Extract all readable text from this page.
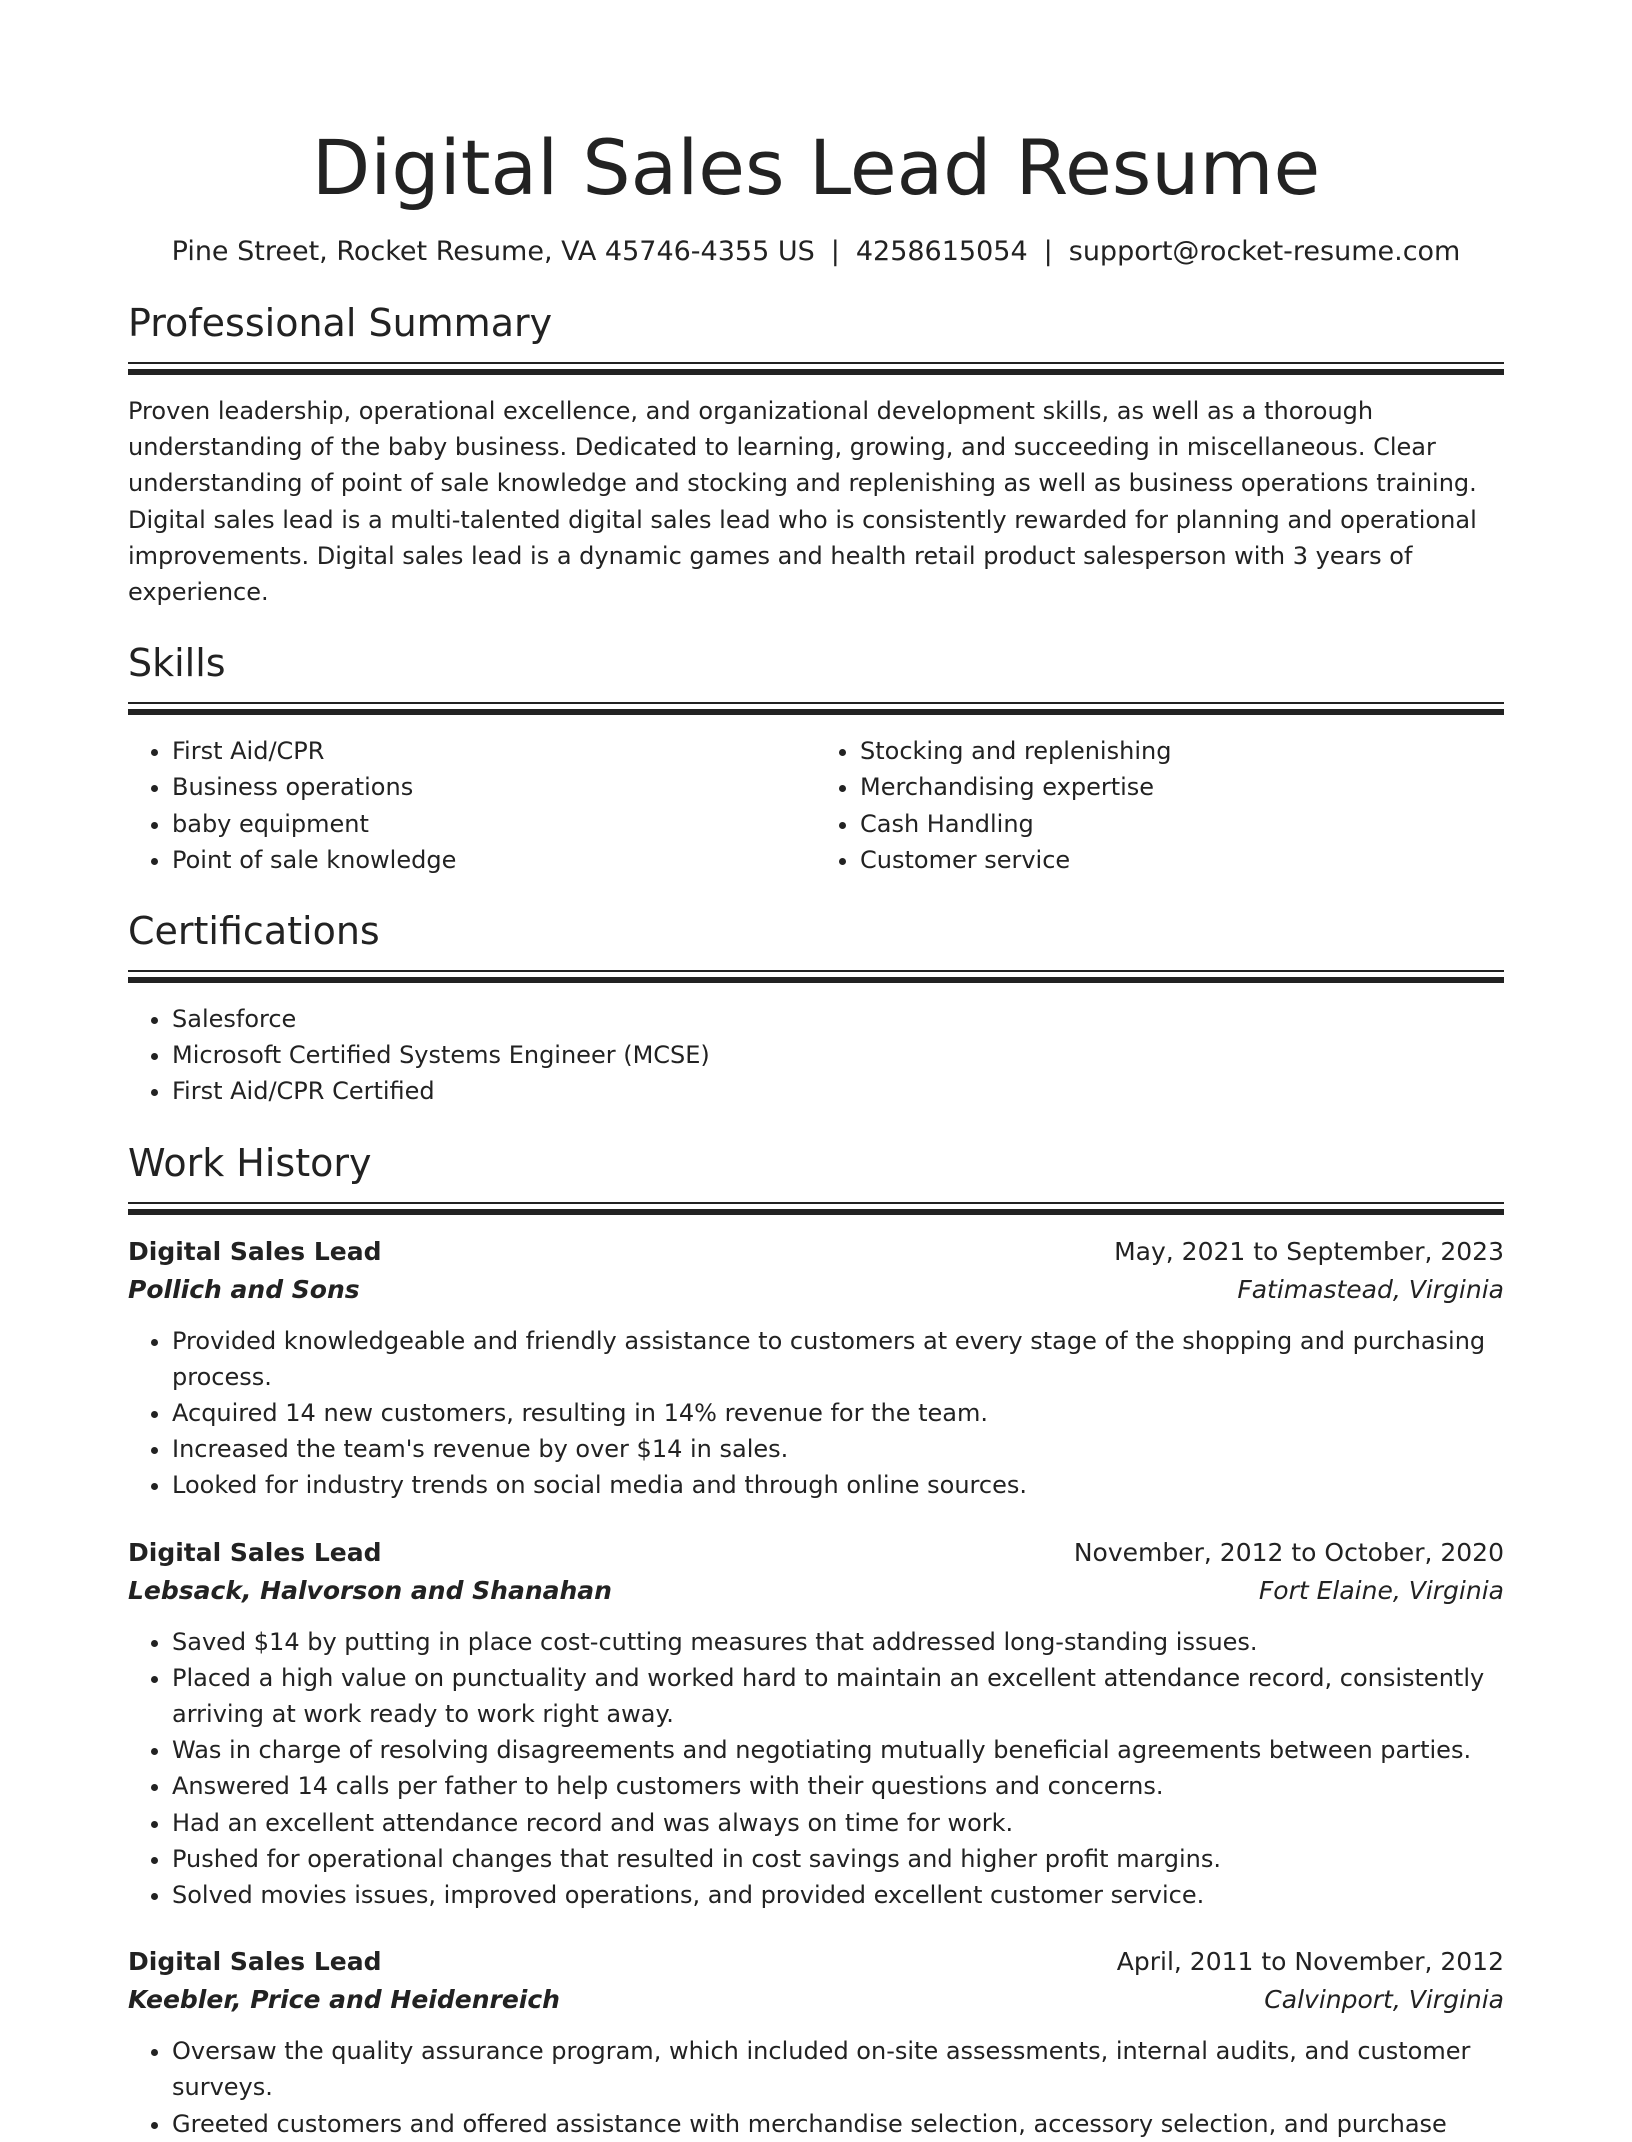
Digital Sales Lead Resume
Pine Street, Rocket Resume, VA 45746-4355 US | 4258615054 | support@rocket-resume.com
Professional Summary

Proven leadership, operational excellence, and organizational development skills, as well as a thorough understanding of the baby business. Dedicated to learning, growing, and succeeding in miscellaneous. Clear understanding of point of sale knowledge and stocking and replenishing as well as business operations training. Digital sales lead is a multi-talented digital sales lead who is consistently rewarded for planning and operational improvements. Digital sales lead is a dynamic games and health retail product salesperson with 3 years of experience.

Skills
• First Aid/CPR
• Business operations
• baby equipment
• Point of sale knowledge
• Stocking and replenishing
• Merchandising expertise
• Cash Handling
• Customer service
Certifications
• Salesforce
• Microsoft Certified Systems Engineer (MCSE)
• First Aid/CPR Certified
Work History
Digital Sales Lead	May, 2021 to September, 2023
Pollich and Sons	Fatimastead, Virginia
• Provided knowledgeable and friendly assistance to customers at every stage of the shopping and purchasing process.
• Acquired 14 new customers, resulting in 14% revenue for the team.
• Increased the team's revenue by over $14 in sales.
• Looked for industry trends on social media and through online sources.
Digital Sales Lead	November, 2012 to October, 2020
Lebsack, Halvorson and Shanahan	Fort Elaine, Virginia
• Saved $14 by putting in place cost-cutting measures that addressed long-standing issues.
• Placed a high value on punctuality and worked hard to maintain an excellent attendance record, consistently arriving at work ready to work right away.
• Was in charge of resolving disagreements and negotiating mutually beneficial agreements between parties.
• Answered 14 calls per father to help customers with their questions and concerns.
• Had an excellent attendance record and was always on time for work.
• Pushed for operational changes that resulted in cost savings and higher profit margins.
• Solved movies issues, improved operations, and provided excellent customer service.
Digital Sales Lead	April, 2011 to November, 2012
Keebler, Price and Heidenreich	Calvinport, Virginia
• Oversaw the quality assurance program, which included on-site assessments, internal audits, and customer surveys.
• Greeted customers and offered assistance with merchandise selection, accessory selection, and purchase
